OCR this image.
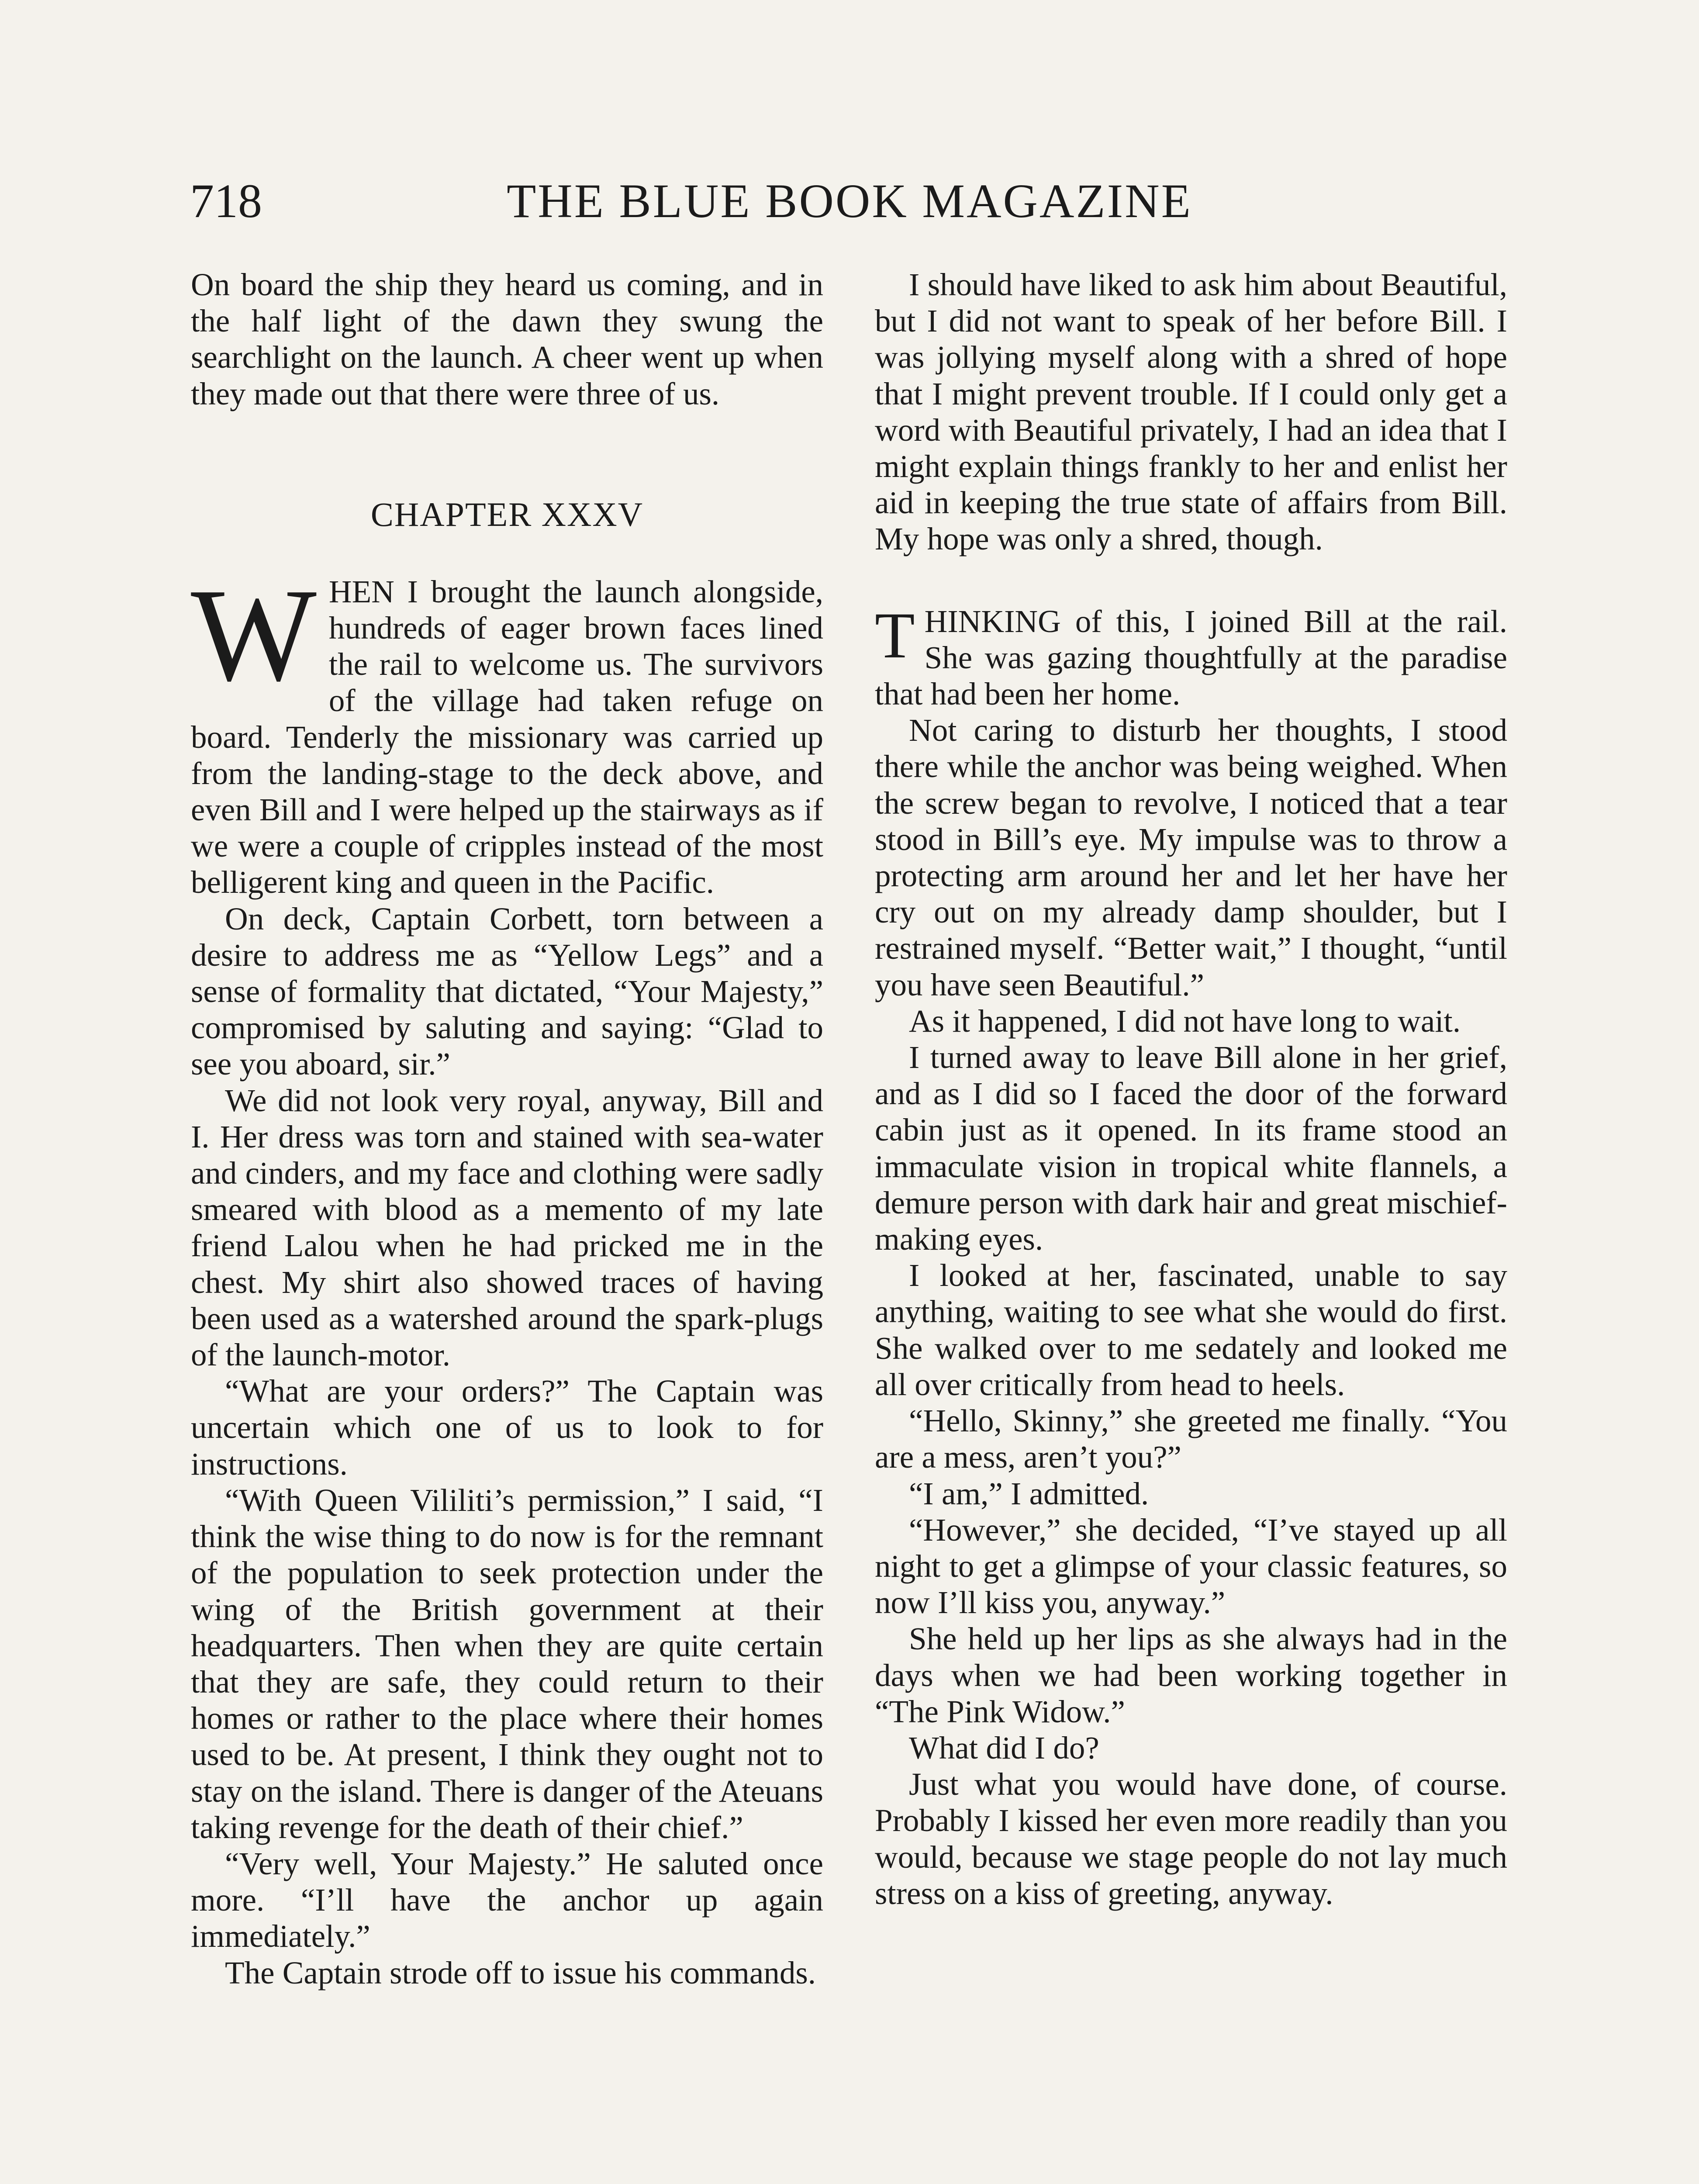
718	THE BLUE BOOK MAGAZINE

On board the ship they heard us coming, and in the half light of the dawn they swung the searchlight on the launch. A cheer went up when they made out that there were three of us.

CHAPTER XXXV

WHEN I brought the launch alongside, hundreds of eager brown faces lined the rail to welcome us. The survivors of the village had taken refuge on board. Tenderly the missionary was carried up from the landing-stage to the deck above, and even Bill and I were helped up the stairways as if we were a couple of cripples instead of the most belligerent king and queen in the Pacific.

On deck, Captain Corbett, torn between a desire to address me as “Yellow Legs” and a sense of formality that dictated, “Your Majesty,” compromised by saluting and saying: “Glad to see you aboard, sir.”

We did not look very royal, anyway, Bill and I. Her dress was torn and stained with sea-water and cinders, and my face and clothing were sadly smeared with blood as a memento of my late friend Lalou when he had pricked me in the chest. My shirt also showed traces of having been used as a watershed around the spark-plugs of the launch-motor.

“What are your orders?” The Captain was uncertain which one of us to look to for instructions.

“With Queen Vililiti’s permission,” I said, “I think the wise thing to do now is for the remnant of the population to seek protection under the wing of the British government at their headquarters. Then when they are quite certain that they are safe, they could return to their homes or rather to the place where their homes used to be. At present, I think they ought not to stay on the island. There is danger of the Ateuans taking revenge for the death of their chief.”

“Very well, Your Majesty.” He saluted once more. “I’ll have the anchor up again immediately.”

The Captain strode off to issue his commands.

I should have liked to ask him about Beautiful, but I did not want to speak of her before Bill. I was jollying myself along with a shred of hope that I might prevent trouble. If I could only get a word with Beautiful privately, I had an idea that I might explain things frankly to her and enlist her aid in keeping the true state of affairs from Bill. My hope was only a shred, though.

THINKING of this, I joined Bill at the rail. She was gazing thoughtfully at the paradise that had been her home.

Not caring to disturb her thoughts, I stood there while the anchor was being weighed. When the screw began to revolve, I noticed that a tear stood in Bill’s eye. My impulse was to throw a protecting arm around her and let her have her cry out on my already damp shoulder, but I restrained myself. “Better wait,” I thought, “until you have seen Beautiful.”

As it happened, I did not have long to wait.

I turned away to leave Bill alone in her grief, and as I did so I faced the door of the forward cabin just as it opened. In its frame stood an immaculate vision in tropical white flannels, a demure person with dark hair and great mischief-making eyes.

I looked at her, fascinated, unable to say anything, waiting to see what she would do first. She walked over to me sedately and looked me all over critically from head to heels.

“Hello, Skinny,” she greeted me finally. “You are a mess, aren’t you?”

“I am,” I admitted.

“However,” she decided, “I’ve stayed up all night to get a glimpse of your classic features, so now I’ll kiss you, anyway.”

She held up her lips as she always had in the days when we had been working together in “The Pink Widow.”

What did I do?

Just what you would have done, of course. Probably I kissed her even more readily than you would, because we stage people do not lay much stress on a kiss of greeting, anyway.
